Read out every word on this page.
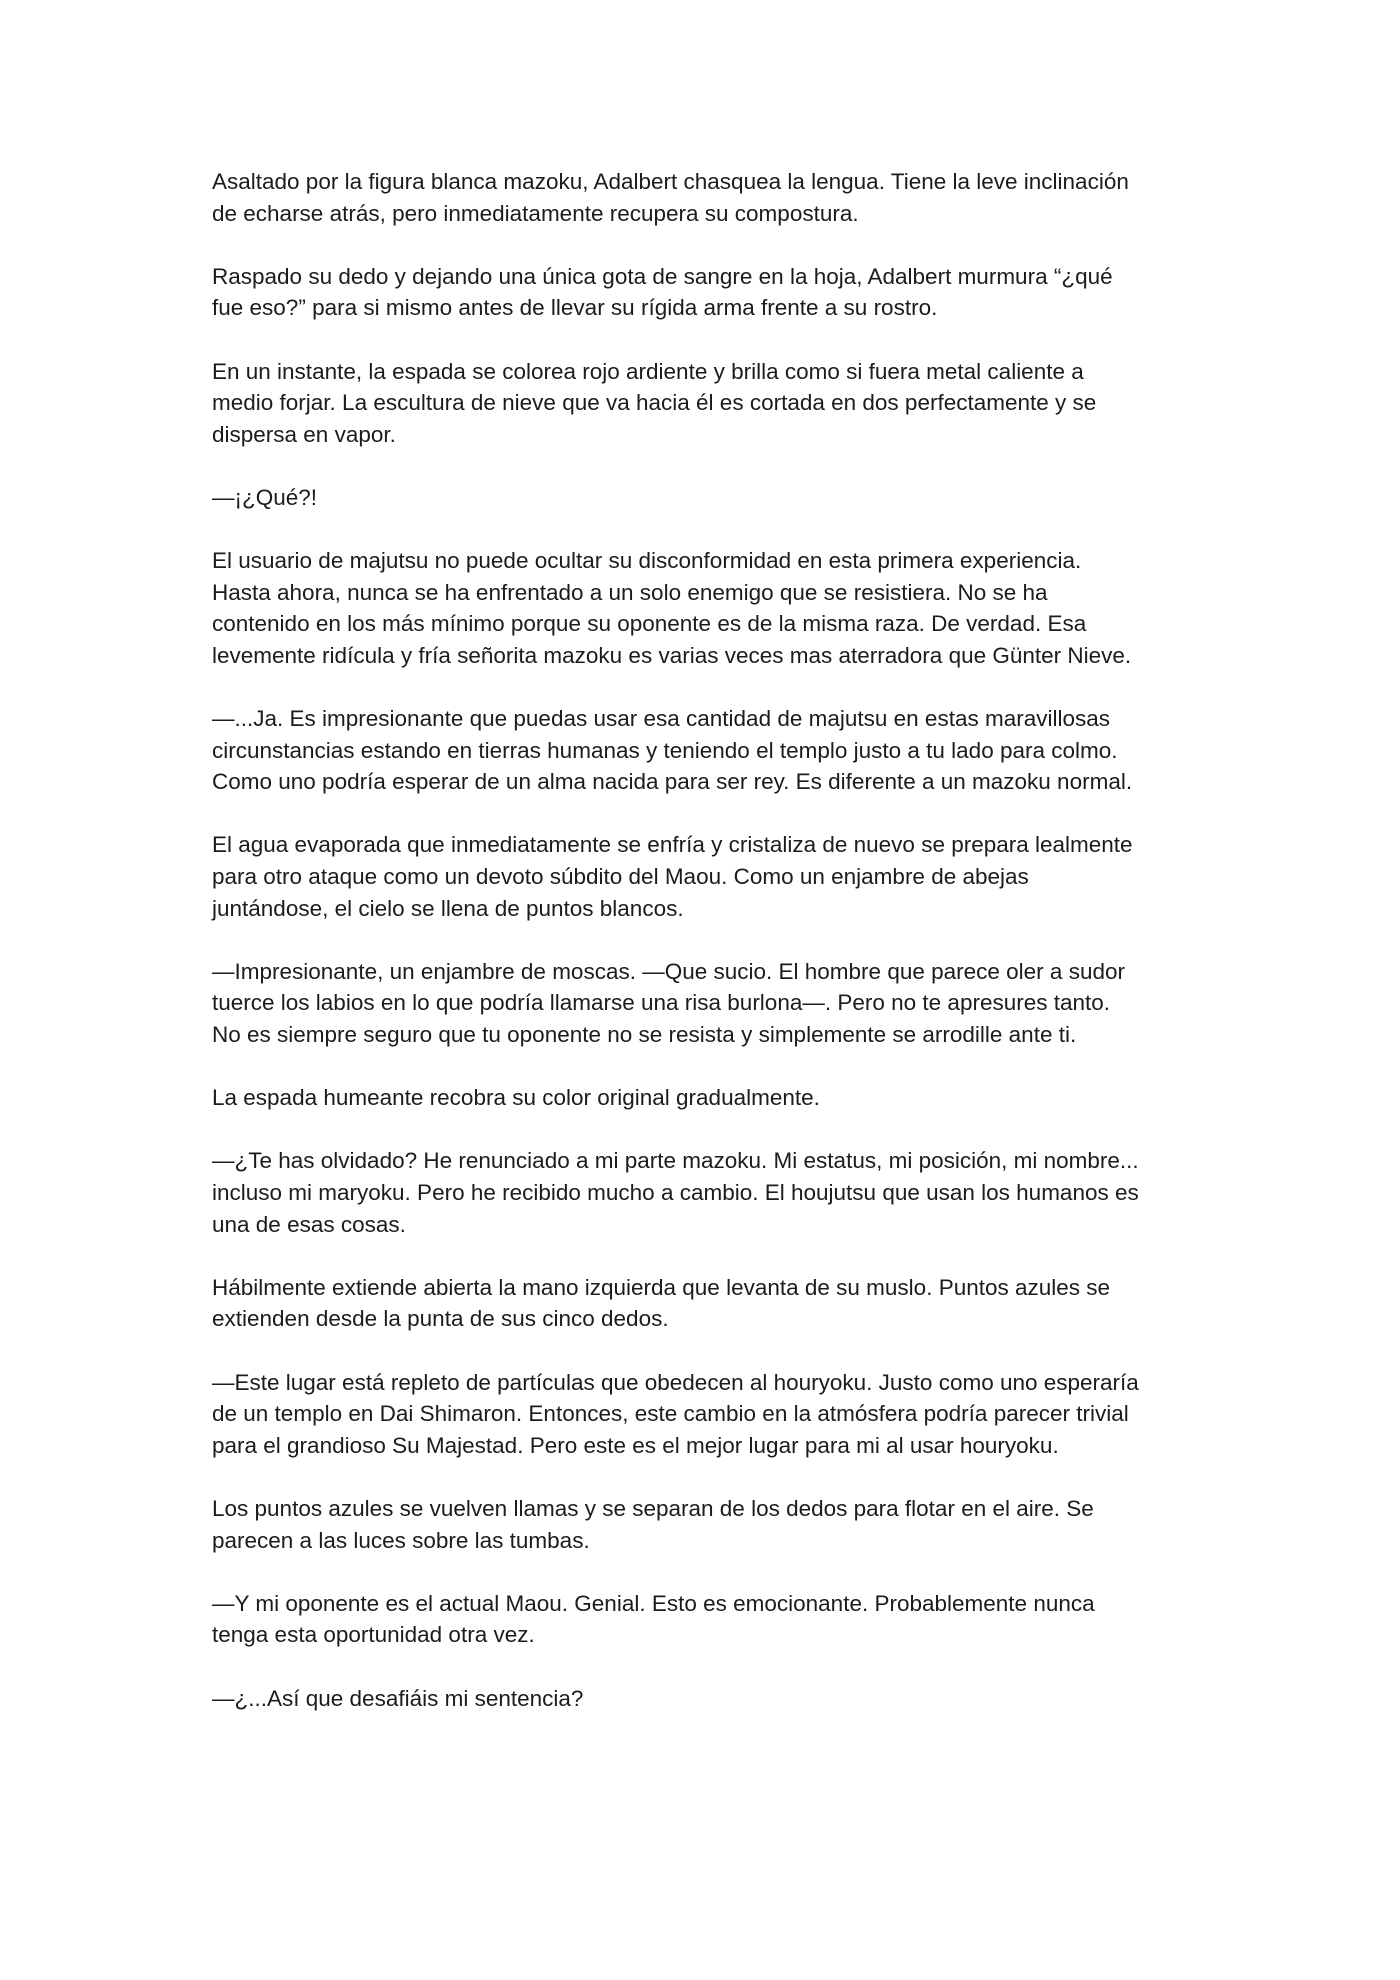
Asaltado por la figura blanca mazoku, Adalbert chasquea la lengua. Tiene la leve inclinación
de echarse atrás, pero inmediatamente recupera su compostura.

Raspado su dedo y dejando una única gota de sangre en la hoja, Adalbert murmura “¿qué
fue eso?” para si mismo antes de llevar su rígida arma frente a su rostro.

En un instante, la espada se colorea rojo ardiente y brilla como si fuera metal caliente a
medio forjar. La escultura de nieve que va hacia él es cortada en dos perfectamente y se
dispersa en vapor.

—¡¿Qué?!

El usuario de majutsu no puede ocultar su disconformidad en esta primera experiencia.
Hasta ahora, nunca se ha enfrentado a un solo enemigo que se resistiera. No se ha
contenido en los más mínimo porque su oponente es de la misma raza. De verdad. Esa
levemente ridícula y fría señorita mazoku es varias veces mas aterradora que Günter Nieve.

—...Ja. Es impresionante que puedas usar esa cantidad de majutsu en estas maravillosas
circunstancias estando en tierras humanas y teniendo el templo justo a tu lado para colmo.
Como uno podría esperar de un alma nacida para ser rey. Es diferente a un mazoku normal.

El agua evaporada que inmediatamente se enfría y cristaliza de nuevo se prepara lealmente
para otro ataque como un devoto súbdito del Maou. Como un enjambre de abejas
juntándose, el cielo se llena de puntos blancos.

—Impresionante, un enjambre de moscas. —Que sucio. El hombre que parece oler a sudor
tuerce los labios en lo que podría llamarse una risa burlona—. Pero no te apresures tanto.
No es siempre seguro que tu oponente no se resista y simplemente se arrodille ante ti.

La espada humeante recobra su color original gradualmente.

—¿Te has olvidado? He renunciado a mi parte mazoku. Mi estatus, mi posición, mi nombre...
incluso mi maryoku. Pero he recibido mucho a cambio. El houjutsu que usan los humanos es
una de esas cosas.

Hábilmente extiende abierta la mano izquierda que levanta de su muslo. Puntos azules se
extienden desde la punta de sus cinco dedos.

—Este lugar está repleto de partículas que obedecen al houryoku. Justo como uno esperaría
de un templo en Dai Shimaron. Entonces, este cambio en la atmósfera podría parecer trivial
para el grandioso Su Majestad. Pero este es el mejor lugar para mi al usar houryoku.

Los puntos azules se vuelven llamas y se separan de los dedos para flotar en el aire. Se
parecen a las luces sobre las tumbas.

—Y mi oponente es el actual Maou. Genial. Esto es emocionante. Probablemente nunca
tenga esta oportunidad otra vez.

—¿...Así que desafiáis mi sentencia?
